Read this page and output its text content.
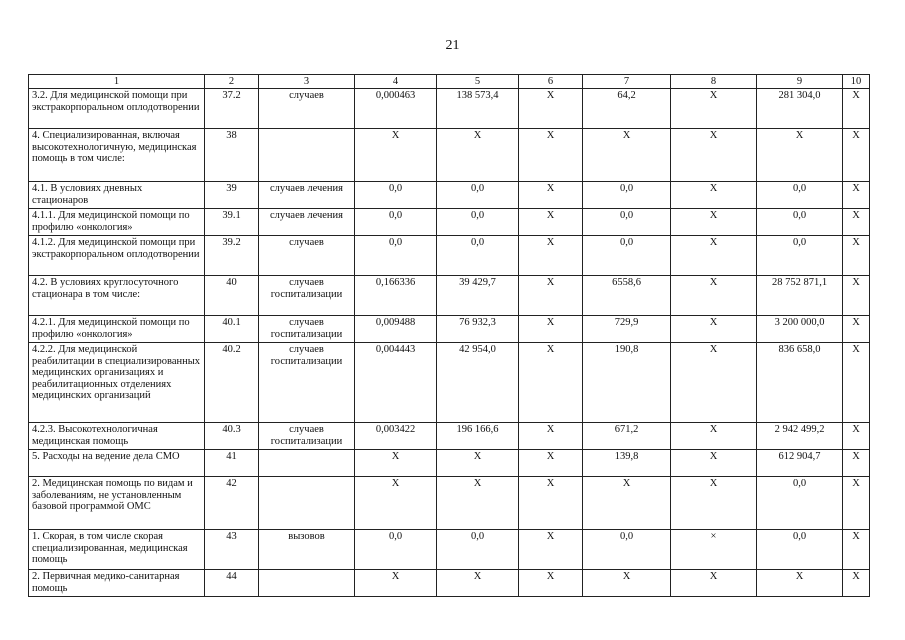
21
1	2	3	4	5	6	7	8	9	10
3.2. Для медицинской помощи при экстракорпоральном оплодотворении	37.2	случаев	0,000463	138 573,4	X	64,2	X	281 304,0	X
4. Специализированная, включая высокотехнологичную, медицинская помощь в том числе:	38		X	X	X	X	X	X	X
4.1. В условиях дневных стационаров	39	случаев лечения	0,0	0,0	X	0,0	X	0,0	X
4.1.1. Для медицинской помощи по профилю «онкология»	39.1	случаев лечения	0,0	0,0	X	0,0	X	0,0	X
4.1.2. Для медицинской помощи при экстракорпоральном оплодотворении	39.2	случаев	0,0	0,0	X	0,0	X	0,0	X
4.2. В условиях круглосуточного стационара в том числе:	40	случаев госпитализации	0,166336	39 429,7	X	6558,6	X	28 752 871,1	X
4.2.1. Для медицинской помощи по профилю «онкология»	40.1	случаев госпитализации	0,009488	76 932,3	X	729,9	X	3 200 000,0	X
4.2.2. Для медицинской реабилитации в специализированных медицинских организациях и реабилитационных отделениях медицинских организаций	40.2	случаев госпитализации	0,004443	42 954,0	X	190,8	X	836 658,0	X
4.2.3. Высокотехнологичная медицинская помощь	40.3	случаев госпитализации	0,003422	196 166,6	X	671,2	X	2 942 499,2	X
5. Расходы на ведение дела СМО	41		X	X	X	139,8	X	612 904,7	X
2. Медицинская помощь по видам и заболеваниям, не установленным базовой программой ОМС	42		X	X	X	X	X	0,0	X
1. Скорая, в том числе скорая специализированная, медицинская помощь	43	вызовов	0,0	0,0	X	0,0	×	0,0	X
2. Первичная медико-санитарная помощь	44		X	X	X	X	X	X	X
